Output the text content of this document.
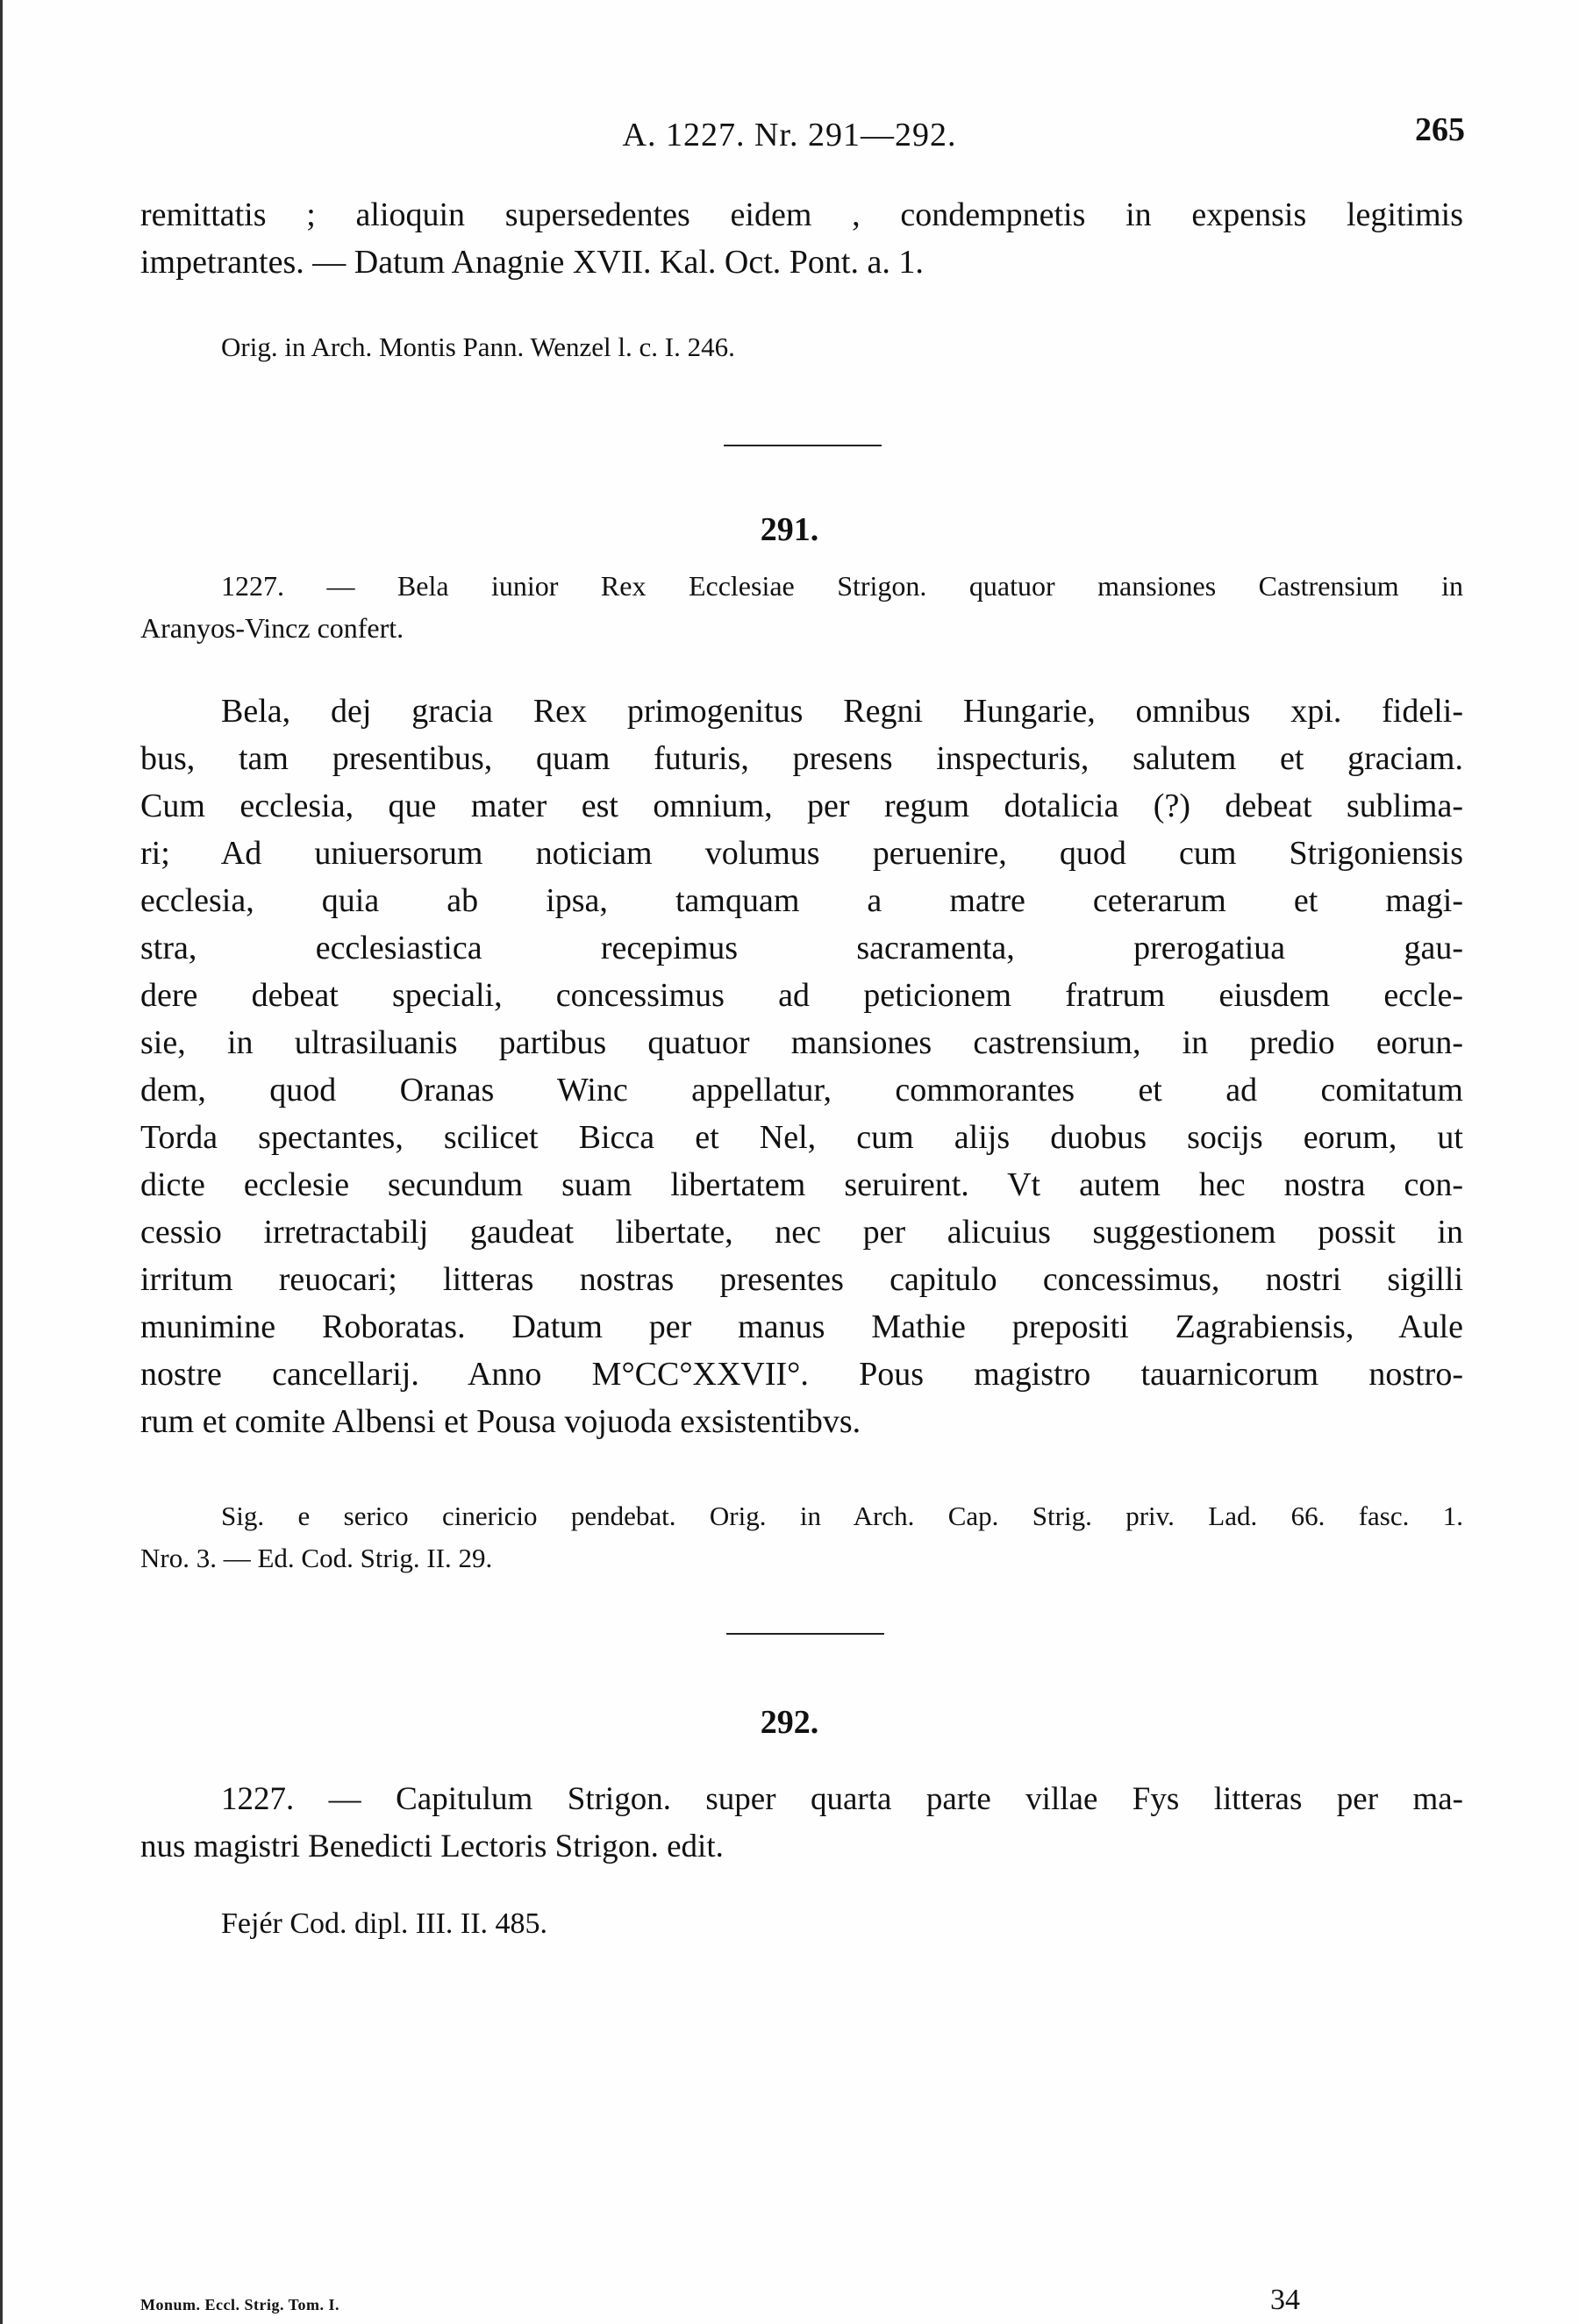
A. 1227. Nr. 291—292.	265
remittatis ; alioquin supersedentes eidem , condempnetis in expensis legitimis
impetrantes. — Datum Anagnie XVII. Kal. Oct. Pont. a. 1.
Orig. in Arch. Montis Pann. Wenzel l. c. I. 246.
291.
1227. — Bela iunior Rex Ecclesiae Strigon. quatuor mansiones Castrensium in
Aranyos-Vincz confert.
Bela, dej gracia Rex primogenitus Regni Hungarie, omnibus xpi. fideli-
bus, tam presentibus, quam futuris, presens inspecturis, salutem et graciam.
Cum ecclesia, que mater est omnium, per regum dotalicia (?) debeat sublima-
ri; Ad uniuersorum noticiam volumus peruenire, quod cum Strigoniensis
ecclesia, quia ab ipsa, tamquam a matre ceterarum et magi-
stra, ecclesiastica recepimus sacramenta, prerogatiua gau-
dere debeat speciali, concessimus ad peticionem fratrum eiusdem eccle-
sie, in ultrasiluanis partibus quatuor mansiones castrensium, in predio eorun-
dem, quod Oranas Winc appellatur, commorantes et ad comitatum
Torda spectantes, scilicet Bicca et Nel, cum alijs duobus socijs eorum, ut
dicte ecclesie secundum suam libertatem seruirent. Vt autem hec nostra con-
cessio irretractabilj gaudeat libertate, nec per alicuius suggestionem possit in
irritum reuocari; litteras nostras presentes capitulo concessimus, nostri sigilli
munimine Roboratas. Datum per manus Mathie prepositi Zagrabiensis, Aule
nostre cancellarij. Anno M°CC°XXVII°. Pous magistro tauarnicorum nostro-
rum et comite Albensi et Pousa vojuoda exsistentibvs.
Sig. e serico cinericio pendebat. Orig. in Arch. Cap. Strig. priv. Lad. 66. fasc. 1.
Nro. 3. — Ed. Cod. Strig. II. 29.
292.
1227. — Capitulum Strigon. super quarta parte villae Fys litteras per ma-
nus magistri Benedicti Lectoris Strigon. edit.
Fejér Cod. dipl. III. II. 485.
Monum. Eccl. Strig. Tom. I.	34
